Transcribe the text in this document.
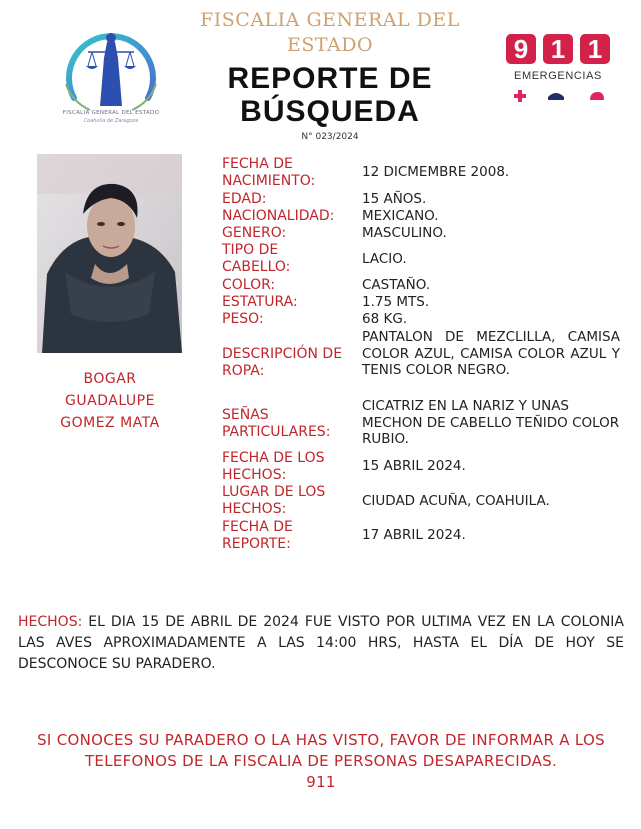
FISCALIA GENERAL DEL ESTADO
Coahuila de Zaragoza
FISCALIA GENERAL DEL ESTADO
REPORTE DE BÚSQUEDA
N° 023/2024
9 1 1
EMERGENCIAS
BOGAR
GUADALUPE
GOMEZ MATA
FECHA DE NACIMIENTO:
12 DICMEMBRE 2008.
EDAD:	15 AÑOS.
NACIONALIDAD:	MEXICANO.
GENERO:	MASCULINO.
TIPO DE CABELLO:	LACIO.
COLOR:	CASTAÑO.
ESTATURA:	1.75 MTS.
PESO:	68 KG.
DESCRIPCIÓN DE ROPA:
PANTALON DE MEZCLILLA, CAMISA COLOR AZUL, CAMISA COLOR AZUL Y TENIS COLOR NEGRO.
SEÑAS PARTICULARES:
CICATRIZ EN LA NARIZ Y UNAS MECHON DE CABELLO TEÑIDO COLOR RUBIO.
FECHA DE LOS HECHOS:
15 ABRIL 2024.
LUGAR DE LOS HECHOS:	CIUDAD ACUÑA, COAHUILA.
FECHA DE REPORTE:
17 ABRIL 2024.
HECHOS: EL DIA 15 DE ABRIL DE 2024 FUE VISTO POR ULTIMA VEZ EN LA COLONIA LAS AVES APROXIMADAMENTE A LAS 14:00 HRS, HASTA EL DÍA DE HOY SE DESCONOCE SU PARADERO.
SI CONOCES SU PARADERO O LA HAS VISTO, FAVOR DE INFORMAR A LOS TELEFONOS DE LA FISCALIA DE PERSONAS DESAPARECIDAS.
911
